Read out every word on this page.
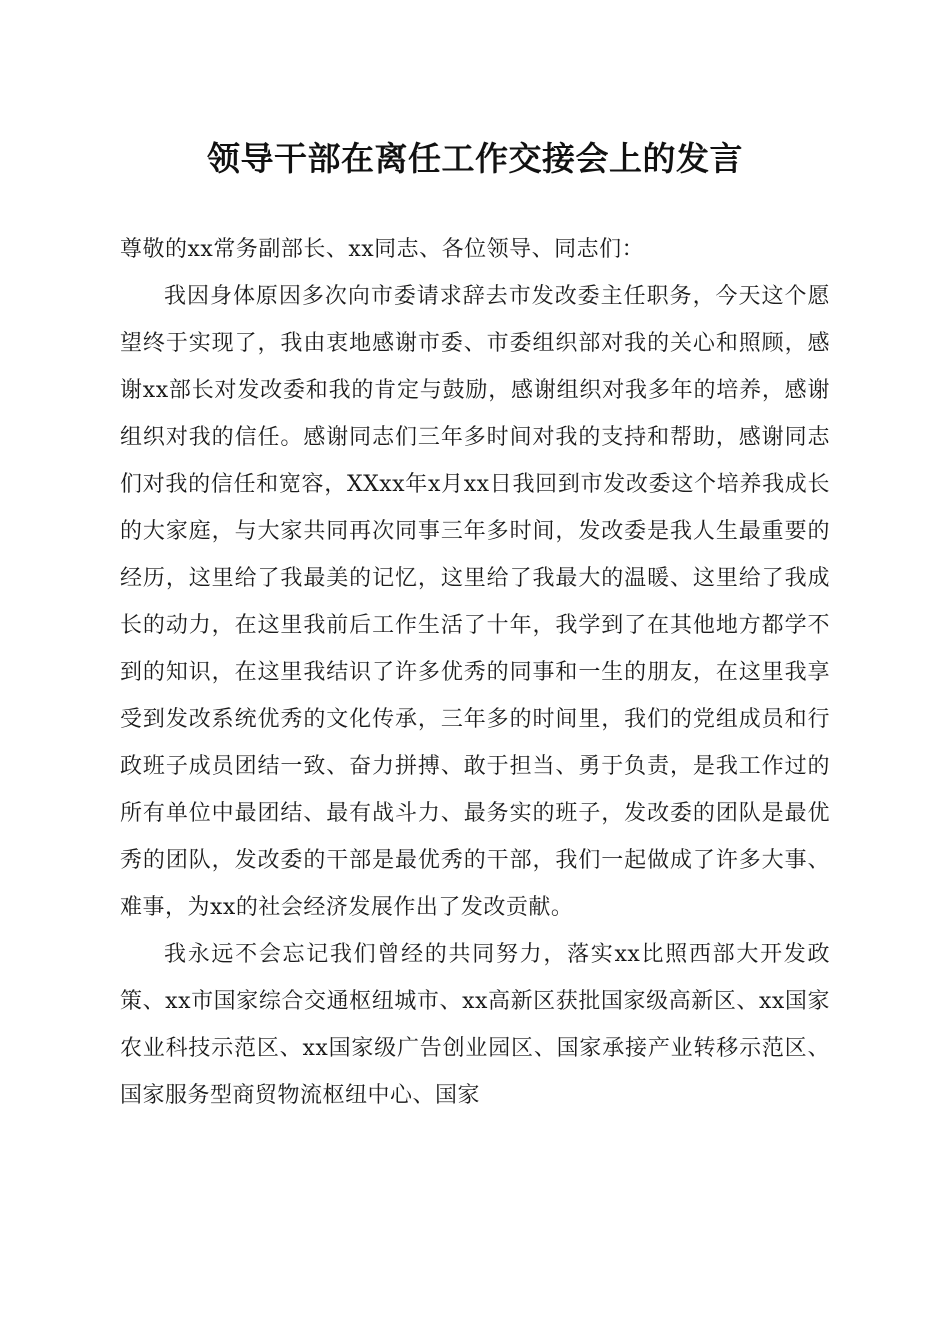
领导干部在离任工作交接会上的发言

尊敬的xx常务副部长、xx同志、各位领导、同志们：

我因身体原因多次向市委请求辞去市发改委主任职务，今天这个愿望终于实现了，我由衷地感谢市委、市委组织部对我的关心和照顾，感谢xx部长对发改委和我的肯定与鼓励，感谢组织对我多年的培养，感谢组织对我的信任。感谢同志们三年多时间对我的支持和帮助，感谢同志们对我的信任和宽容，XXxx年x月xx日我回到市发改委这个培养我成长的大家庭，与大家共同再次同事三年多时间，发改委是我人生最重要的经历，这里给了我最美的记忆，这里给了我最大的温暖、这里给了我成长的动力，在这里我前后工作生活了十年，我学到了在其他地方都学不到的知识，在这里我结识了许多优秀的同事和一生的朋友，在这里我享受到发改系统优秀的文化传承，三年多的时间里，我们的党组成员和行政班子成员团结一致、奋力拼搏、敢于担当、勇于负责，是我工作过的所有单位中最团结、最有战斗力、最务实的班子，发改委的团队是最优秀的团队，发改委的干部是最优秀的干部，我们一起做成了许多大事、难事，为xx的社会经济发展作出了发改贡献。

我永远不会忘记我们曾经的共同努力，落实xx比照西部大开发政策、xx市国家综合交通枢纽城市、xx高新区获批国家级高新区、xx国家农业科技示范区、xx国家级广告创业园区、国家承接产业转移示范区、国家服务型商贸物流枢纽中心、国家
